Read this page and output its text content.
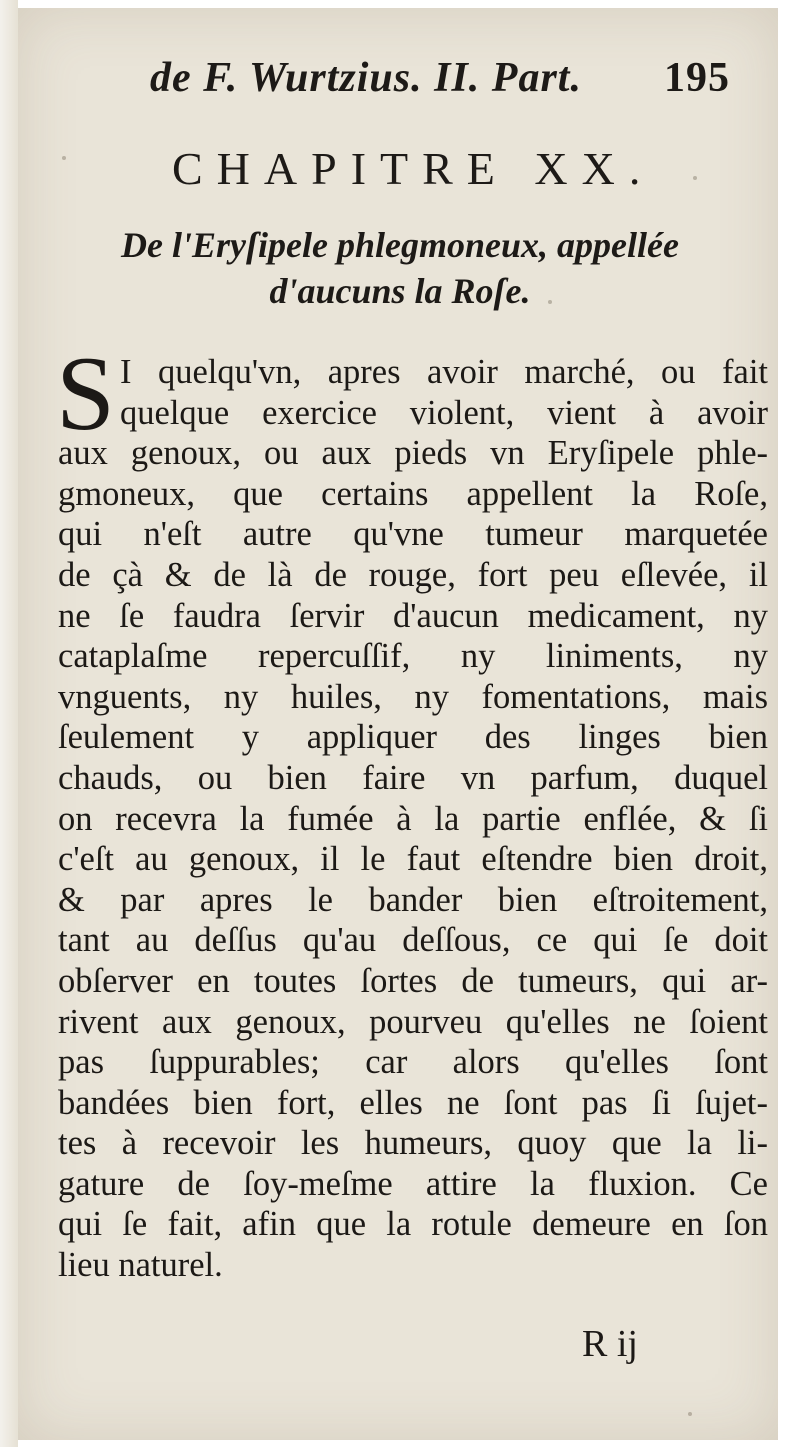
de F. Wurtzius. II. Part. 195
CHAPITRE XX.
De l'Eryſipele phlegmoneux, appellée d'aucuns la Roſe.
S I quelqu'vn, apres avoir marché, ou fait
quelque exercice violent, vient à avoir
aux genoux, ou aux pieds vn Eryſipele phle-
gmoneux, que certains appellent la Roſe,
qui n'eſt autre qu'vne tumeur marquetée
de çà & de là de rouge, fort peu eſlevée, il
ne ſe faudra ſervir d'aucun medicament, ny
cataplaſme repercuſſif, ny liniments, ny
vnguents, ny huiles, ny fomentations, mais
ſeulement y appliquer des linges bien
chauds, ou bien faire vn parfum, duquel
on recevra la fumée à la partie enflée, & ſi
c'eſt au genoux, il le faut eſtendre bien droit,
& par apres le bander bien eſtroitement,
tant au deſſus qu'au deſſous, ce qui ſe doit
obſerver en toutes ſortes de tumeurs, qui ar-
rivent aux genoux, pourveu qu'elles ne ſoient
pas ſuppurables; car alors qu'elles ſont
bandées bien fort, elles ne ſont pas ſi ſujet-
tes à recevoir les humeurs, quoy que la li-
gature de ſoy-meſme attire la fluxion. Ce
qui ſe fait, afin que la rotule demeure en ſon
lieu naturel.
R ij
